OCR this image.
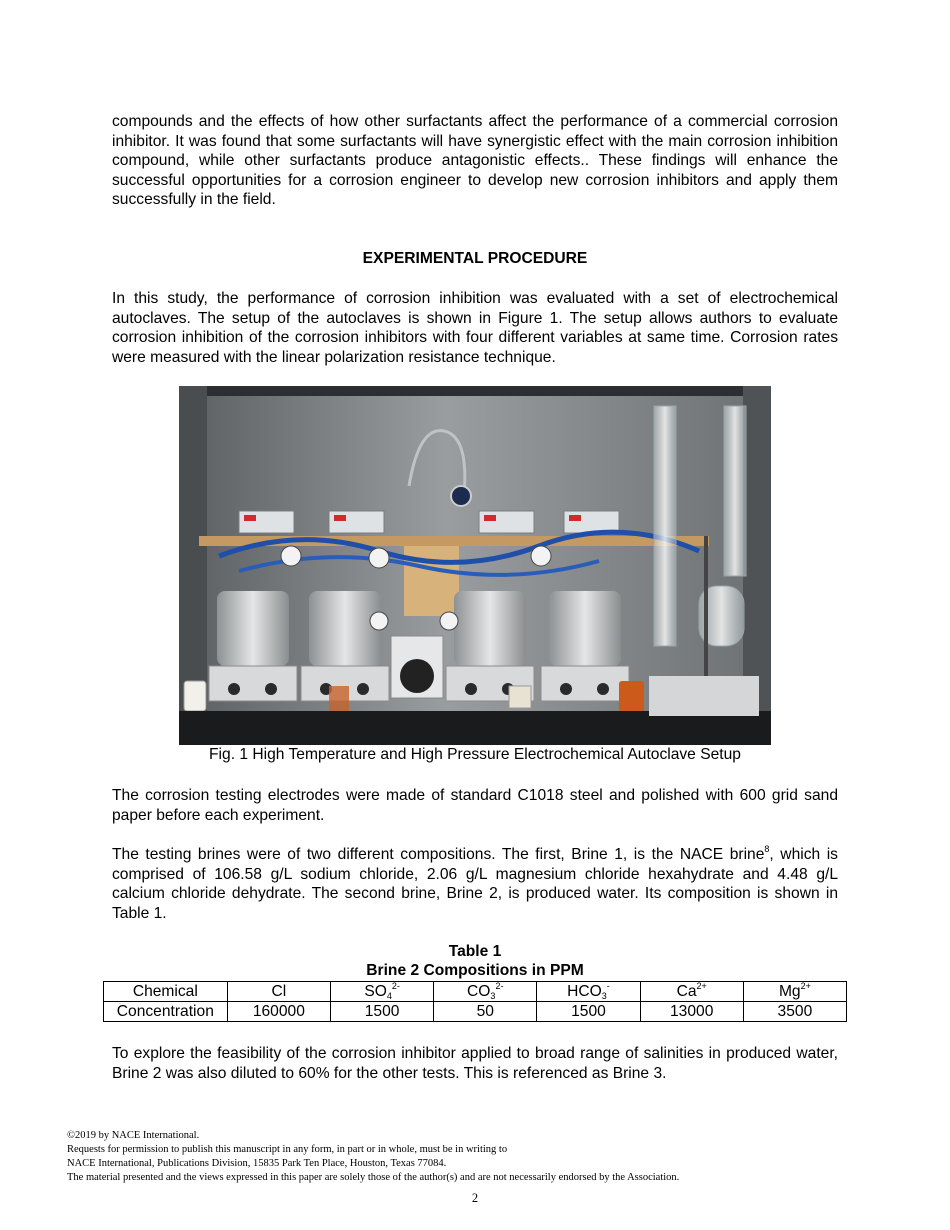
compounds and the effects of how other surfactants affect the performance of a commercial corrosion inhibitor. It was found that some surfactants will have synergistic effect with the main corrosion inhibition compound, while other surfactants produce antagonistic effects.. These findings will enhance the successful opportunities for a corrosion engineer to develop new corrosion inhibitors and apply them successfully in the field.

EXPERIMENTAL PROCEDURE

In this study, the performance of corrosion inhibition was evaluated with a set of electrochemical autoclaves. The setup of the autoclaves is shown in Figure 1. The setup allows authors to evaluate corrosion inhibition of the corrosion inhibitors with four different variables at same time. Corrosion rates were measured with the linear polarization resistance technique.

Fig. 1 High Temperature and High Pressure Electrochemical Autoclave Setup

The corrosion testing electrodes were made of standard C1018 steel and polished with 600 grid sand paper before each experiment.

The testing brines were of two different compositions. The first, Brine 1, is the NACE brine$^8$, which is comprised of 106.58 g/L sodium chloride, 2.06 g/L magnesium chloride hexahydrate and 4.48 g/L calcium chloride dehydrate. The second brine, Brine 2, is produced water. Its composition is shown in Table 1.

Table 1

Brine 2 Compositions in PPM

Chemical	Cl	$SO_4^{2-}$	$CO_3^{2-}$	$HCO_3^-$	$Ca^{2+}$	$Mg^{2+}$
Concentration	160000	1500	50	1500	13000	3500

To explore the feasibility of the corrosion inhibitor applied to broad range of salinities in produced water, Brine 2 was also diluted to 60% for the other tests. This is referenced as Brine 3.

©2019 by NACE International.
Requests for permission to publish this manuscript in any form, in part or in whole, must be in writing to
NACE International, Publications Division, 15835 Park Ten Place, Houston, Texas 77084.
The material presented and the views expressed in this paper are solely those of the author(s) and are not necessarily endorsed by the Association.
2
